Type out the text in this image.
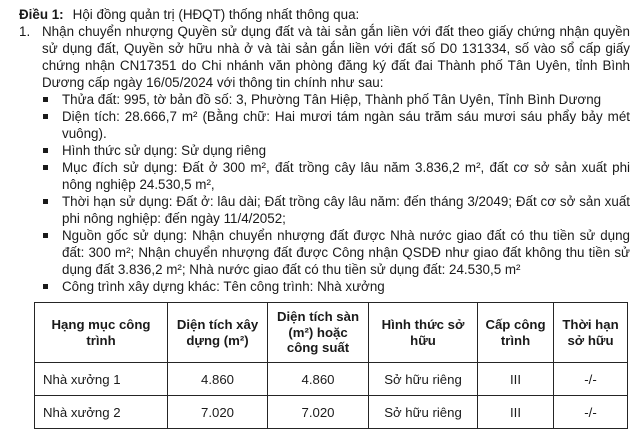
Điều 1: Hội đồng quản trị (HĐQT) thống nhất thông qua:

1. Nhận chuyển nhượng Quyền sử dụng đất và tài sản gắn liền với đất theo giấy chứng nhận quyền sử dụng đất, Quyền sở hữu nhà ở và tài sản gắn liền với đất số D0 131334, số vào sổ cấp giấy chứng nhận CN17351 do Chi nhánh văn phòng đăng ký đất đai Thành phố Tân Uyên, tỉnh Bình Dương cấp ngày 16/05/2024 với thông tin chính như sau:

Thửa đất: 995, tờ bản đồ số: 3, Phường Tân Hiệp, Thành phố Tân Uyên, Tỉnh Bình Dương

Diện tích: 28.666,7 m² (Bằng chữ: Hai mươi tám ngàn sáu trăm sáu mươi sáu phẩy bảy mét vuông).

Hình thức sử dụng: Sử dụng riêng

Mục đích sử dụng: Đất ở 300 m², đất trồng cây lâu năm 3.836,2 m², đất cơ sở sản xuất phi nông nghiệp 24.530,5 m²,

Thời hạn sử dụng: Đất ở: lâu dài; Đất trồng cây lâu năm: đến tháng 3/2049; Đất cơ sở sản xuất phi nông nghiệp: đến ngày 11/4/2052;

Nguồn gốc sử dụng: Nhận chuyển nhượng đất được Nhà nước giao đất có thu tiền sử dụng đất: 300 m²; Nhận chuyển nhượng đất được Công nhận QSDĐ như giao đất không thu tiền sử dụng đất 3.836,2 m²; Nhà nước giao đất có thu tiền sử dụng đất: 24.530,5 m²

Công trình xây dựng khác: Tên công trình: Nhà xưởng

Hạng mục công trình	Diện tích xây dựng (m²)	Diện tích sàn (m²) hoặc công suất	Hình thức sở hữu	Cấp công trình	Thời hạn sở hữu
Nhà xưởng 1	4.860	4.860	Sở hữu riêng	III	-/-
Nhà xưởng 2	7.020	7.020	Sở hữu riêng	III	-/-
